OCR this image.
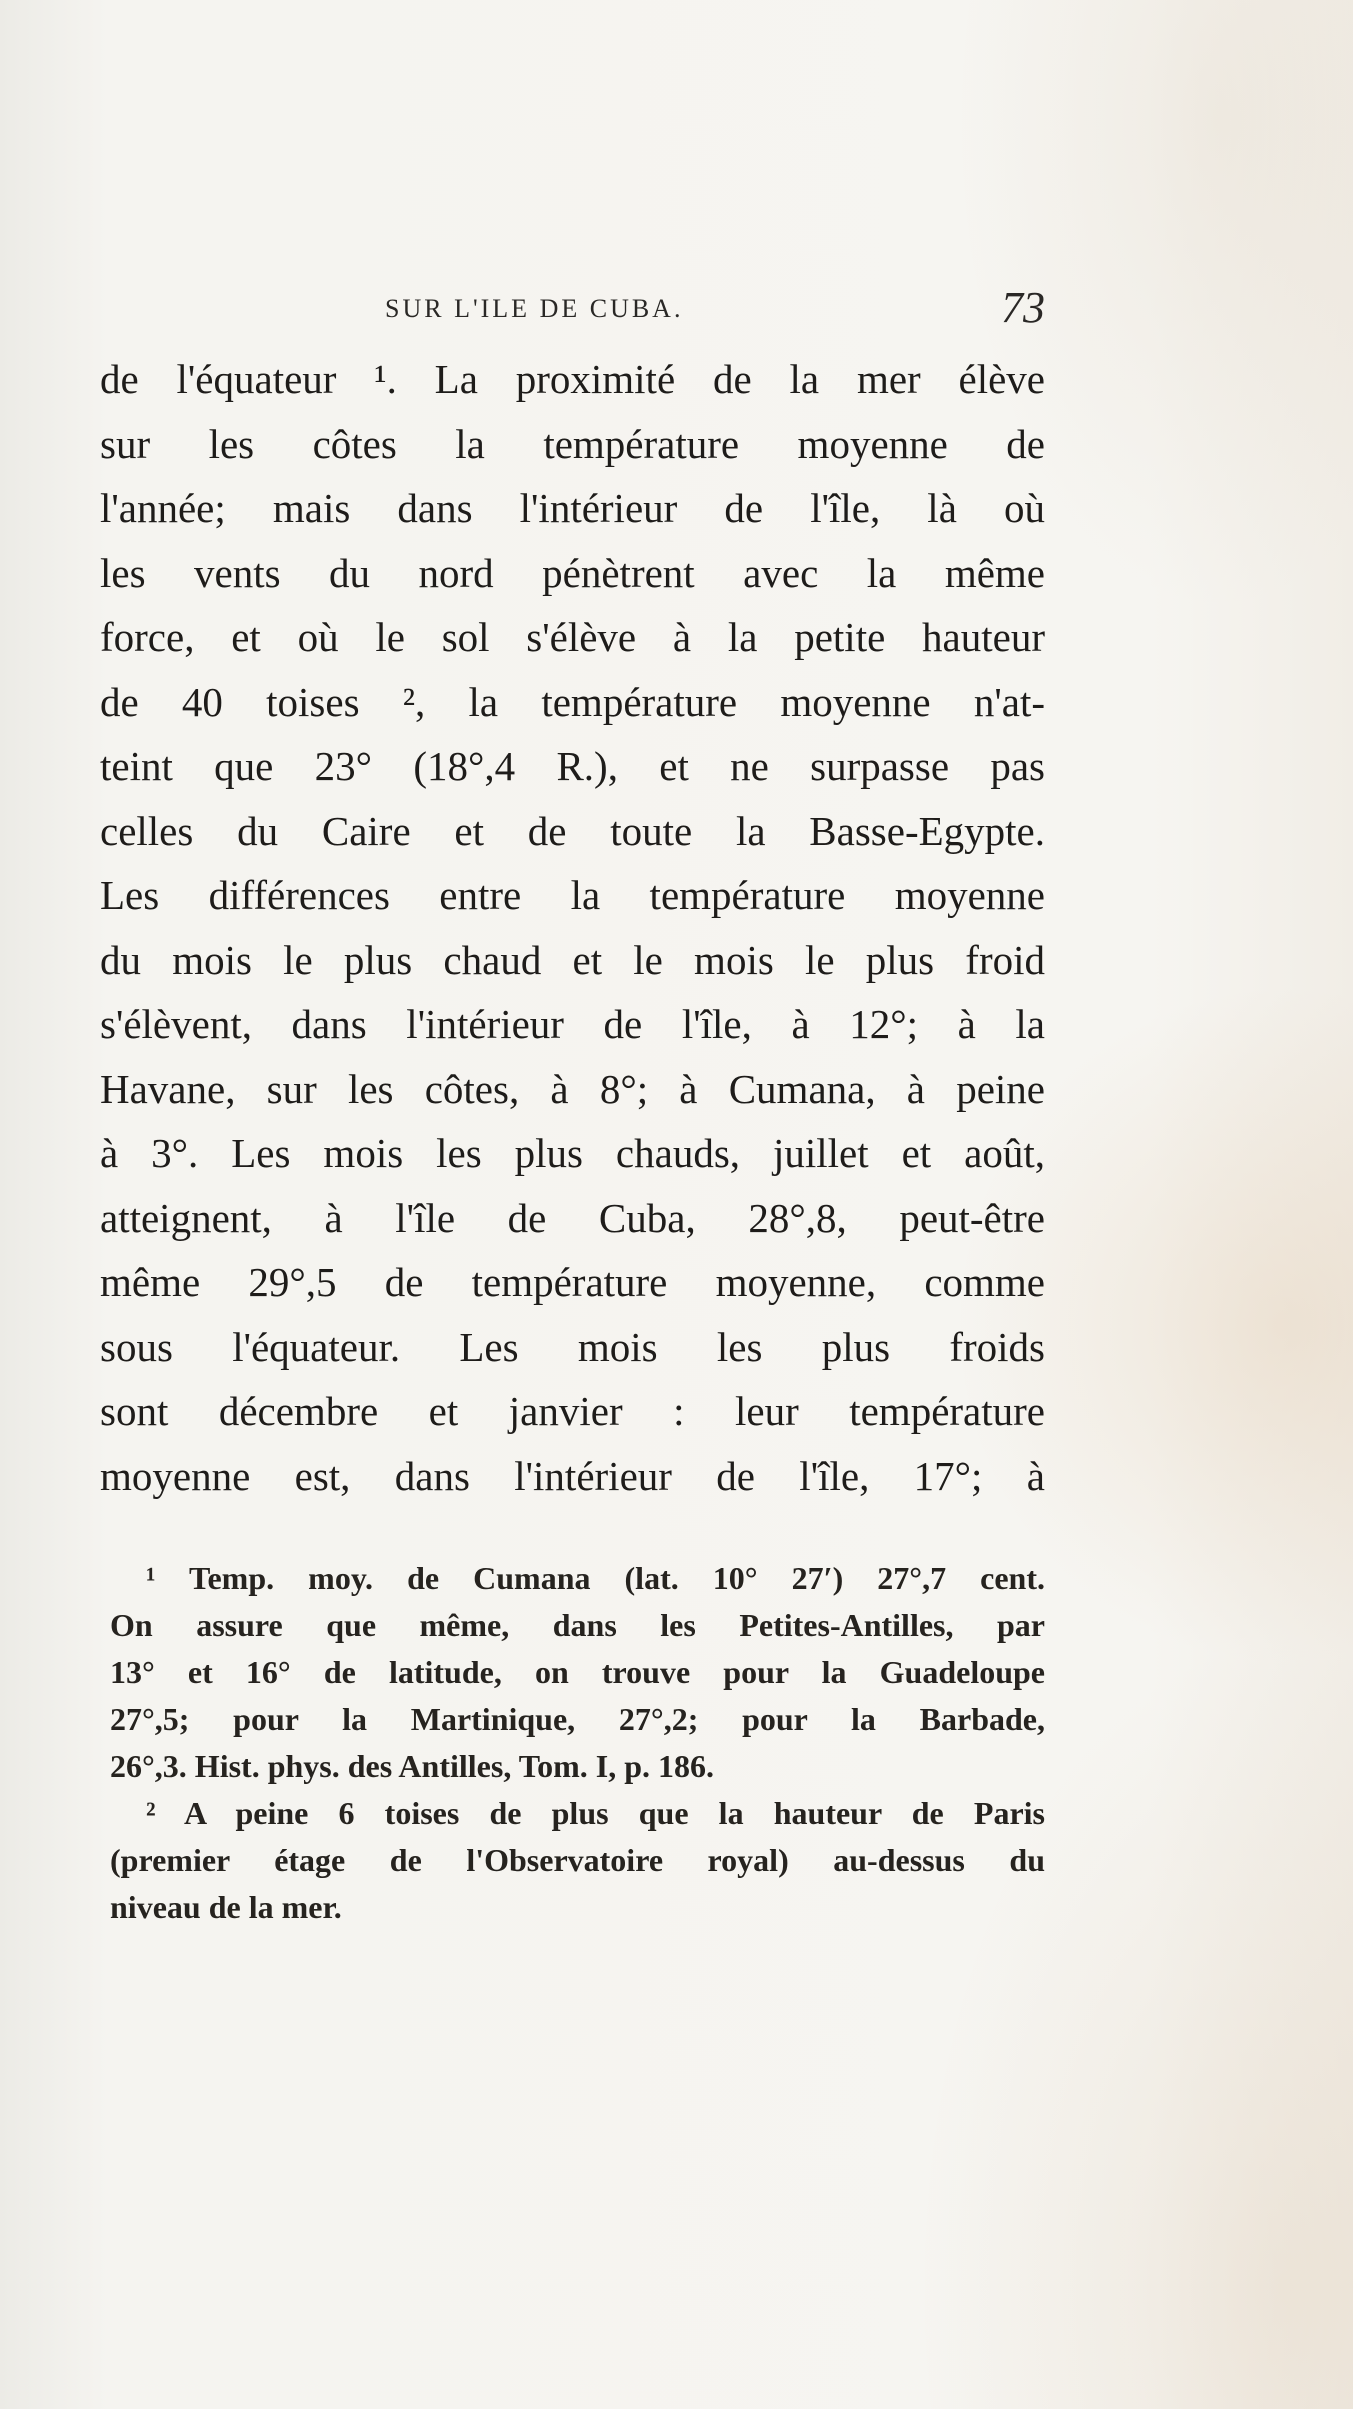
SUR L'ILE DE CUBA.	73
de l'équateur ¹. La proximité de la mer élève
sur les côtes la température moyenne de
l'année; mais dans l'intérieur de l'île, là où
les vents du nord pénètrent avec la même
force, et où le sol s'élève à la petite hauteur
de 40 toises ², la température moyenne n'at-
teint que 23° (18°,4 R.), et ne surpasse pas
celles du Caire et de toute la Basse-Egypte.
Les différences entre la température moyenne
du mois le plus chaud et le mois le plus froid
s'élèvent, dans l'intérieur de l'île, à 12°; à la
Havane, sur les côtes, à 8°; à Cumana, à peine
à 3°. Les mois les plus chauds, juillet et août,
atteignent, à l'île de Cuba, 28°,8, peut-être
même 29°,5 de température moyenne, comme
sous l'équateur. Les mois les plus froids
sont décembre et janvier : leur température
moyenne est, dans l'intérieur de l'île, 17°; à
¹ Temp. moy. de Cumana (lat. 10° 27′) 27°,7 cent.
On assure que même, dans les Petites-Antilles, par
13° et 16° de latitude, on trouve pour la Guadeloupe
27°,5; pour la Martinique, 27°,2; pour la Barbade,
26°,3. Hist. phys. des Antilles, Tom. I, p. 186.
² A peine 6 toises de plus que la hauteur de Paris
(premier étage de l'Observatoire royal) au-dessus du
niveau de la mer.
